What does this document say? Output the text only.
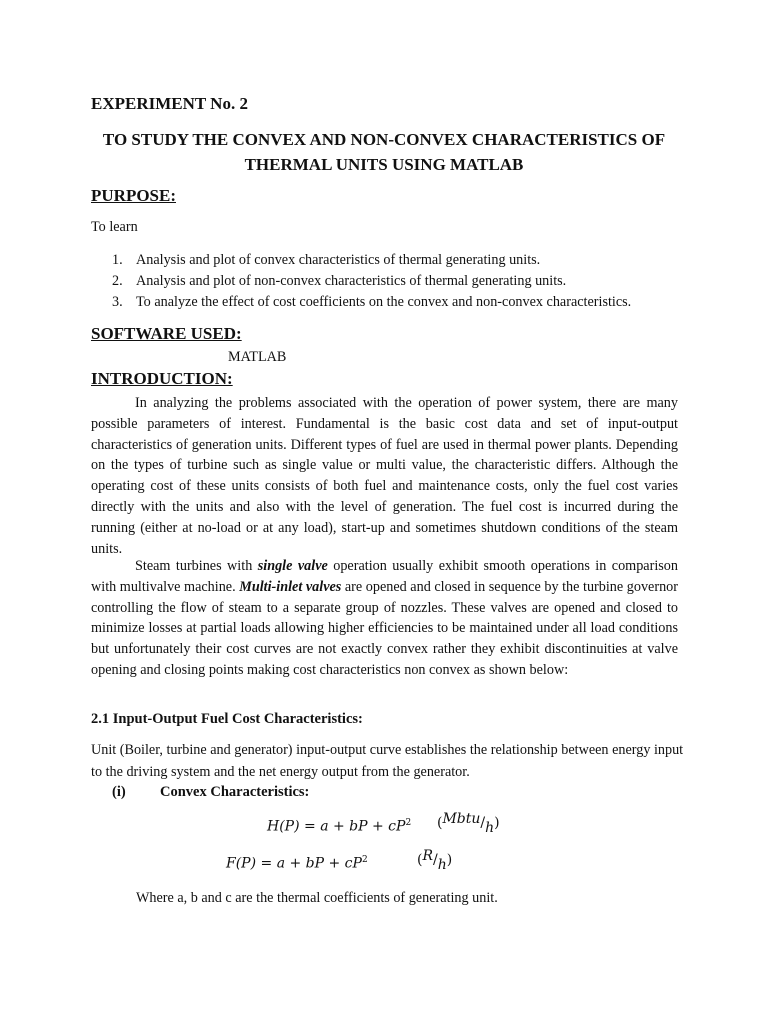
EXPERIMENT No. 2
TO STUDY THE CONVEX AND NON-CONVEX CHARACTERISTICS OF THERMAL UNITS USING MATLAB
PURPOSE:
To learn
1. Analysis and plot of convex characteristics of thermal generating units.
2. Analysis and plot of non-convex characteristics of thermal generating units.
3. To analyze the effect of cost coefficients on the convex and non-convex characteristics.
SOFTWARE USED:
MATLAB
INTRODUCTION:

In analyzing the problems associated with the operation of power system, there are many possible parameters of interest. Fundamental is the basic cost data and set of input-output characteristics of generation units. Different types of fuel are used in thermal power plants. Depending on the types of turbine such as single value or multi value, the characteristic differs. Although the operating cost of these units consists of both fuel and maintenance costs, only the fuel cost varies directly with the units and also with the level of generation. The fuel cost is incurred during the running (either at no-load or at any load), start-up and sometimes shutdown conditions of the steam units.

Steam turbines with single valve operation usually exhibit smooth operations in comparison with multivalve machine. Multi-inlet valves are opened and closed in sequence by the turbine governor controlling the flow of steam to a separate group of nozzles. These valves are opened and closed to minimize losses at partial loads allowing higher efficiencies to be maintained under all load conditions but unfortunately their cost curves are not exactly convex rather they exhibit discontinuities at valve opening and closing points making cost characteristics non convex as shown below:

2.1 Input-Output Fuel Cost Characteristics:

Unit (Boiler, turbine and generator) input-output curve establishes the relationship between energy input to the driving system and the net energy output from the generator.

(i) Convex Characteristics:
H(P) = a + bP + $cP^2$ (Mbtu/h)
F(P) = a + bP + $cP^2$	(R/h)
Where a, b and c are the thermal coefficients of generating unit.
